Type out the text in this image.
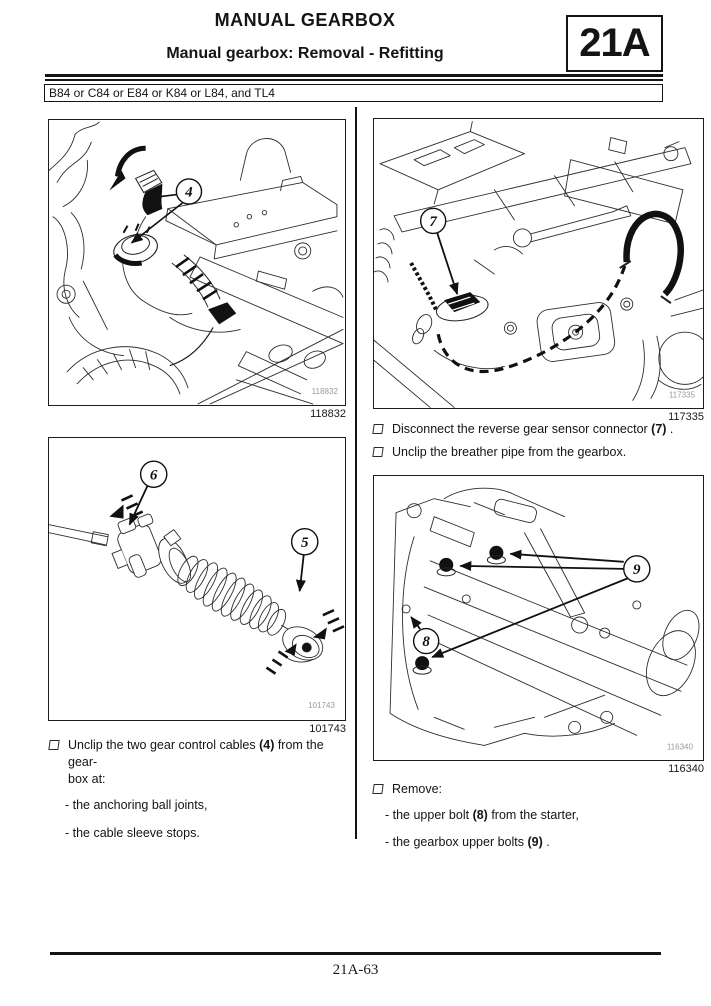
MANUAL GEARBOX
Manual gearbox: Removal - Refitting	21A
B84 or C84 or E84 or K84 or L84, and TL4
4
118832
118832
7
117335
117335

Disconnect the reverse gear sensor connector (7) .

Unclip the breather pipe from the gearbox.

6
5
101743
101743

Unclip the two gear control cables (4) from the gear-
box at:

- the anchoring ball joints,

- the cable sleeve stops.

8
9
116340
116340

Remove:

- the upper bolt (8) from the starter,

- the gearbox upper bolts (9) .

21A-63
